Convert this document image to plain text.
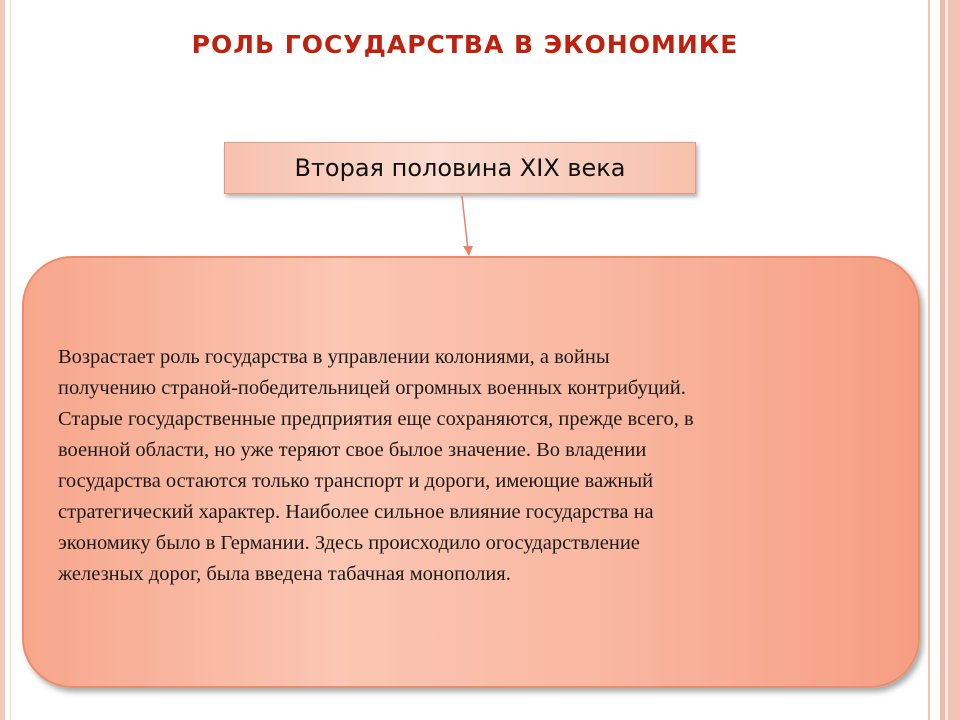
РОЛЬ ГОСУДАРСТВА В ЭКОНОМИКЕ
Вторая половина XIX века
Возрастает роль государства в управлении колониями, а войны
получению страной-победительницей огромных военных контрибуций.
Старые государственные предприятия еще сохраняются, прежде всего, в
военной области, но уже теряют свое былое значение. Во владении
государства остаются только транспорт и дороги, имеющие важный
стратегический характер. Наиболее сильное влияние государства на
экономику было в Германии. Здесь происходило огосударствление
железных дорог, была введена табачная монополия.
